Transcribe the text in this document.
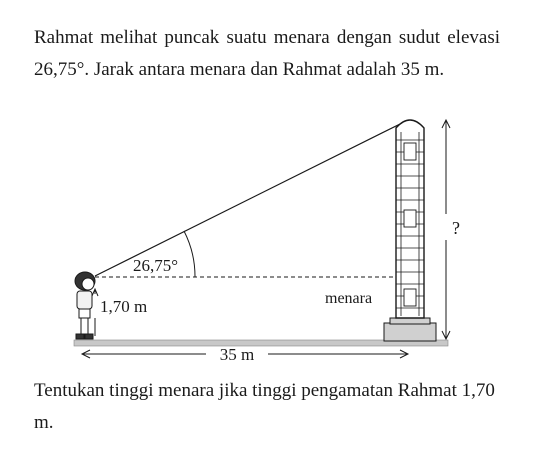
Rahmat melihat puncak suatu menara dengan sudut elevasi 26,75°. Jarak antara menara dan Rahmat adalah 35 m.

35 m
1,70 m
26,75°
menara
?

Tentukan tinggi menara jika tinggi pengamatan Rahmat 1,70 m.
